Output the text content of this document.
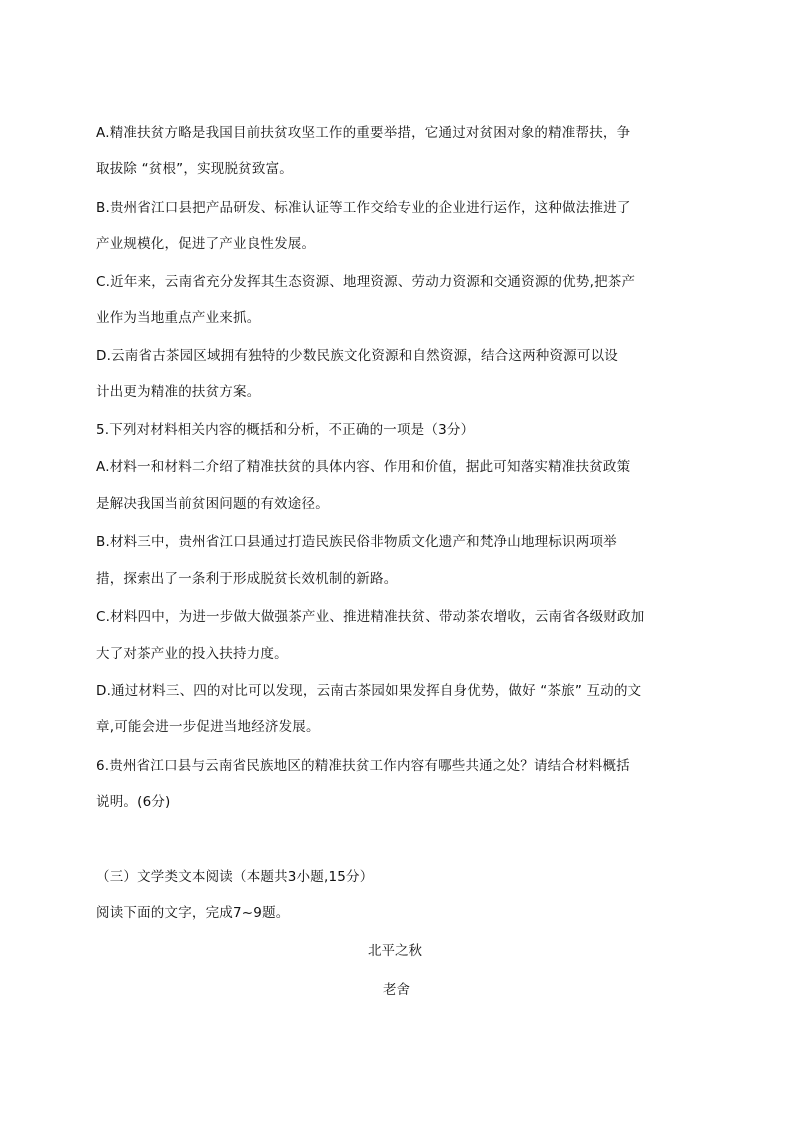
A.精准扶贫方略是我国目前扶贫攻坚工作的重要举措，它通过对贫困对象的精准帮扶，争
取拔除 “贫根”，实现脱贫致富。
B.贵州省江口县把产品研发、标准认证等工作交给专业的企业进行运作，这种做法推进了
产业规模化，促进了产业良性发展。
C.近年来，云南省充分发挥其生态资源、地理资源、劳动力资源和交通资源的优势,把茶产
业作为当地重点产业来抓。
D.云南省古茶园区域拥有独特的少数民族文化资源和自然资源，结合这两种资源可以设
计出更为精准的扶贫方案。
5.下列对材料相关内容的概括和分析，不正确的一项是（3分）
A.材料一和材料二介绍了精准扶贫的具体内容、作用和价值，据此可知落实精准扶贫政策
是解决我国当前贫困问题的有效途径。
B.材料三中，贵州省江口县通过打造民族民俗非物质文化遗产和梵净山地理标识两项举
措，探索出了一条利于形成脱贫长效机制的新路。
C.材料四中，为进一步做大做强茶产业、推进精准扶贫、带动茶农增收，云南省各级财政加
大了对茶产业的投入扶持力度。
D.通过材料三、四的对比可以发现，云南古茶园如果发挥自身优势，做好 “茶旅” 互动的文
章,可能会进一步促进当地经济发展。
6.贵州省江口县与云南省民族地区的精准扶贫工作内容有哪些共通之处？请结合材料概括
说明。(6分)
（三）文学类文本阅读（本题共3小题,15分）
阅读下面的文字，完成7~9题。
北平之秋
老舍
